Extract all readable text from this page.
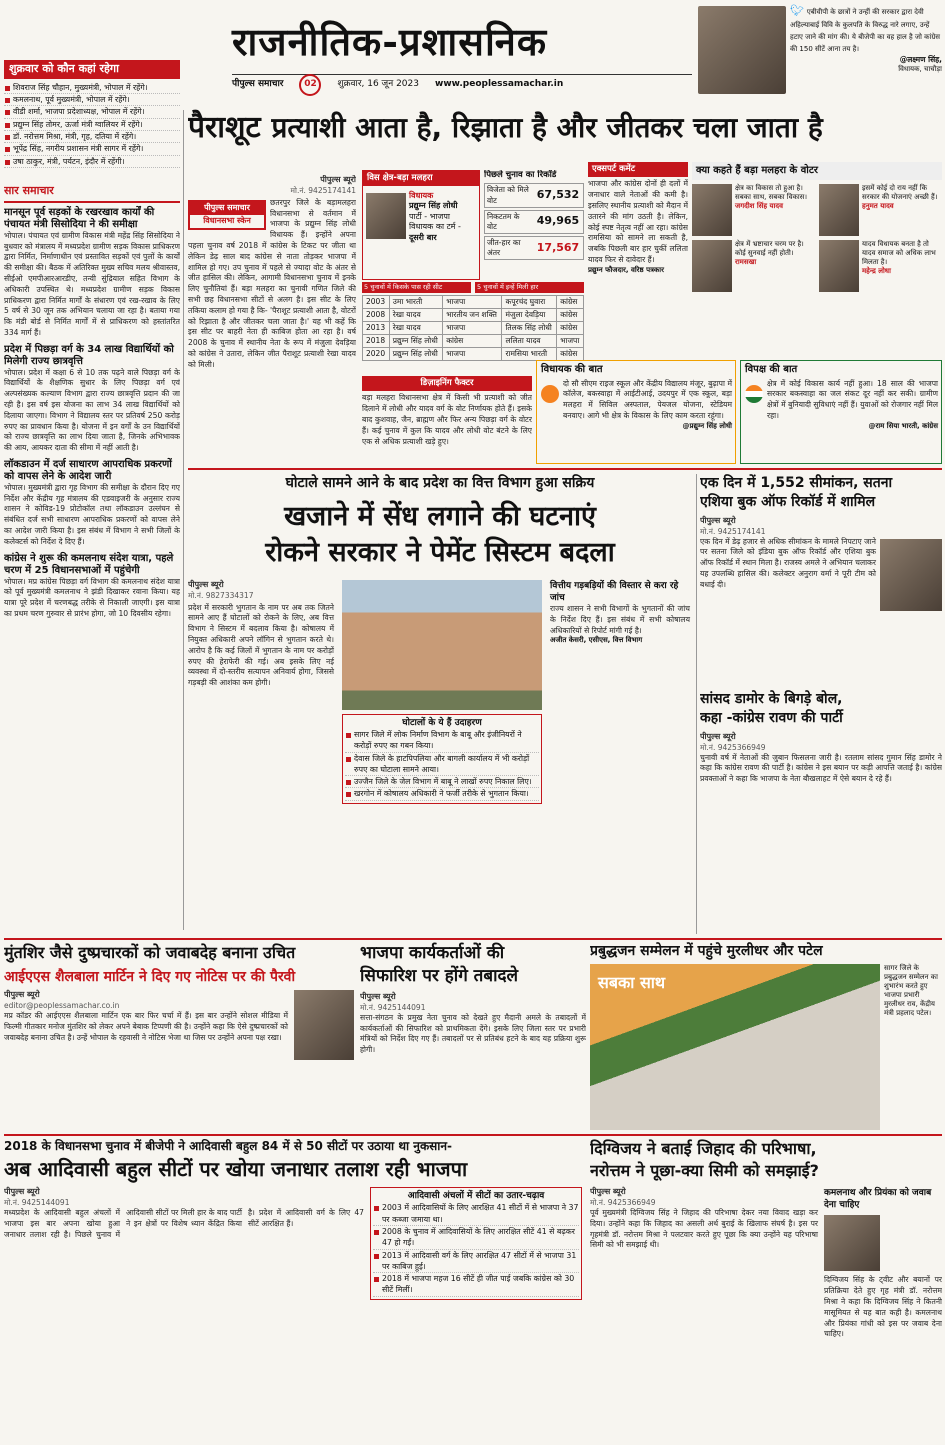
राजनीतिक-प्रशासनिक
पीपुल्स समाचार	02	शुक्रवार, 16 जून 2023 www.peoplessamachar.in
🐦︎ एबीवीपी के छात्रों ने उन्हीं की सरकार द्वारा देवी अहिल्याबाई विवि के कुलपति के विरुद्ध नारे लगाए, उन्हें हटाए जाने की मांग की। ये बीजेपी का वह हाल है जो कांग्रेस की 150 सीटें आना तय है।
@लक्ष्मण सिंह,
विधायक, चाचौड़ा
शुक्रवार को कौन कहां रहेगा
शिवराज सिंह चौहान, मुख्यमंत्री, भोपाल में रहेंगे।
कमलनाथ, पूर्व मुख्यमंत्री, भोपाल में रहेंगे।
वीडी शर्मा, भाजपा प्रदेशाध्यक्ष, भोपाल में रहेंगे।
प्रद्युम्न सिंह तोमर, ऊर्जा मंत्री ग्वालियर में रहेंगे।
डॉ. नरोत्तम मिश्रा, मंत्री, गृह, दतिया में रहेंगे।
भूपेंद्र सिंह, नगरीय प्रशासन मंत्री सागर में रहेंगे।
उषा ठाकुर, मंत्री, पर्यटन, इंदौर में रहेंगी।
सार समाचार
मानसून पूर्व सड़कों के रखरखाव कार्यों की पंचायत मंत्री सिसोदिया ने की समीक्षा
भोपाल। पंचायत एवं ग्रामीण विकास मंत्री महेंद्र सिंह सिसोदिया ने बुधवार को मंत्रालय में मध्यप्रदेश ग्रामीण सड़क विकास प्राधिकरण द्वारा निर्मित, निर्माणाधीन एवं प्रस्तावित सड़कों एवं पुलों के कार्यों की समीक्षा की। बैठक में अतिरिक्त मुख्य सचिव मलय श्रीवास्तव, सीईओ एमपीआरआरडीए, तन्वी सुंद्रियाल सहित विभाग के अधिकारी उपस्थित थे। मध्यप्रदेश ग्रामीण सड़क विकास प्राधिकरण द्वारा निर्मित मार्गों के संधारण एवं रख-रखाव के लिए 5 वर्ष से 30 जून तक अभियान चलाया जा रहा है। बताया गया कि मंडी बोर्ड से निर्मित मार्गों में से प्राधिकरण को हस्तांतरित 334 मार्ग हैं।
प्रदेश में पिछड़ा वर्ग के 34 लाख विद्यार्थियों को मिलेगी राज्य छात्रवृत्ति
भोपाल। प्रदेश में कक्षा 6 से 10 तक पढ़ने वाले पिछड़ा वर्ग के विद्यार्थियों के शैक्षणिक सुधार के लिए पिछड़ा वर्ग एवं अल्पसंख्यक कल्याण विभाग द्वारा राज्य छात्रवृत्ति प्रदान की जा रही है। इस वर्ष इस योजना का लाभ 34 लाख विद्यार्थियों को दिलाया जाएगा। विभाग ने विद्यालय स्तर पर प्रतिवर्ष 250 करोड़ रुपए का प्रावधान किया है। योजना में इन वर्गों के उन विद्यार्थियों को राज्य छात्रवृत्ति का लाभ दिया जाता है, जिनके अभिभावक की आय, आयकर दाता की सीमा में नहीं आती है।
लॉकडाउन में दर्ज साधारण आपराधिक प्रकरणों को वापस लेने के आदेश जारी
भोपाल। मुख्यमंत्री द्वारा गृह विभाग की समीक्षा के दौरान दिए गए निर्देश और केंद्रीय गृह मंत्रालय की एडवाइजरी के अनुसार राज्य शासन ने कोविड-19 प्रोटोकॉल तथा लॉकडाउन उल्लंघन से संबंधित दर्ज सभी साधारण आपराधिक प्रकरणों को वापस लेने का आदेश जारी किया है। इस संबंध में विभाग ने सभी जिलों के कलेक्टर्स को निर्देश दे दिए हैं।
कांग्रेस ने शुरू की कमलनाथ संदेश यात्रा, पहले चरण में 25 विधानसभाओं में पहुंचेगी
भोपाल। मप्र कांग्रेस पिछड़ा वर्ग विभाग की कमलनाथ संदेश यात्रा को पूर्व मुख्यमंत्री कमलनाथ ने झंडी दिखाकर रवाना किया। यह यात्रा पूरे प्रदेश में चरणबद्ध तरीके से निकाली जाएगी। इस यात्रा का प्रथम चरण गुरुवार से प्रारंभ होगा, जो 10 दिवसीय रहेगा।
पैराशूट प्रत्याशी आता है, रिझाता है और जीतकर चला जाता है
पीपुल्स ब्यूरो
मो.नं. 9425174141
पीपुल्स समाचार
विधानसभा स्केन
छतरपुर जिले के बड़ामलहरा विधानसभा से वर्तमान में भाजपा के प्रद्युम्न सिंह लोधी विधायक हैं। इन्होंने अपना पहला चुनाव वर्ष 2018 में कांग्रेस के टिकट पर जीता था लेकिन डेढ़ साल बाद कांग्रेस से नाता तोड़कर भाजपा में शामिल हो गए। उप चुनाव में पहले से ज्यादा वोट के अंतर से जीत हासिल की। लेकिन, आगामी विधानसभा चुनाव में इनके लिए चुनौतियां हैं। बड़ा मलहरा का चुनावी गणित जिले की सभी छह विधानसभा सीटों से अलग है। इस सीट के लिए तकिया कलाम हो गया है कि- 'पैराशूट प्रत्याशी आता है, वोटरों को रिझाता है और जीतकर चला जाता है।' यह भी कहें कि इस सीट पर बाहरी नेता ही काबिज होता आ रहा है। वर्ष 2008 के चुनाव में स्थानीय नेता के रूप में मंजुला देवड़िया को कांग्रेस ने उतारा, लेकिन जीत पैराशूट प्रत्याशी रेखा यादव को मिली।
विस क्षेत्र-बड़ा मलहरा
विधायक
प्रद्युम्न सिंह लोधी
पार्टी - भाजपा
विधायक का टर्म -
दूसरी बार
पिछले चुनाव का रिकॉर्ड
विजेता को मिले वोट	67,532
निकटतम के वोट	49,965
जीत-हार का अंतर	17,567
5 चुनावों में किसके पास रही सीट	5 चुनावों में इन्हें मिली हार
2003	उमा भारती	भाजपा	कपूरचंद घुवारा	कांग्रेस
2008	रेखा यादव	भारतीय जन शक्ति	मंजुला देवड़िया	कांग्रेस
2013	रेखा यादव	भाजपा	तिलक सिंह लोधी	कांग्रेस
2018	प्रद्युम्न सिंह लोधी	कांग्रेस	ललिता यादव	भाजपा
2020	प्रद्युम्न सिंह लोधी	भाजपा	रामसिया भारती	कांग्रेस
एक्सपर्ट कमेंट
भाजपा और कांग्रेस दोनों ही दलों में जनाधार वाले नेताओं की कमी है। इसलिए स्थानीय प्रत्याशी को मैदान में उतारने की मांग उठती है। लेकिन, कोई स्पष्ट नेतृत्व नहीं आ रहा। कांग्रेस रामसिया को सामने ला सकती है, जबकि पिछली बार हार चुकीं ललिता यादव फिर से दावेदार हैं।
प्रद्युम्न फौजदार, वरिष्ठ पत्रकार
डिज़ाइनिंग फैक्टर
बड़ा मलहरा विधानसभा क्षेत्र में किसी भी प्रत्याशी को जीत दिलाने में लोधी और यादव वर्ग के वोट निर्णायक होते हैं। इसके बाद कुशवाह, जैन, ब्राह्मण और फिर अन्य पिछड़ा वर्ग के वोटर हैं। कई चुनाव में कुल कि यादव और लोधी वोट बंटने के लिए एक से अधिक प्रत्याशी खड़े हुए।
क्या कहते हैं बड़ा मलहरा के वोटर
क्षेत्र का विकास तो हुआ है। सबका साथ, सबका विकास।
जगदीश सिंह यादव
इसमें कोई दो राय नहीं कि सरकार की योजनाएं अच्छी हैं।
हनुमत यादव
क्षेत्र में भ्रष्टाचार चरम पर है। कोई सुनवाई नहीं होती।
रामसखा
यादव विधायक बनता है तो यादव समाज को अधिक लाभ मिलता है।
महेन्द्र लोधा
विधायक की बात
दो सौ सीएम राइज स्कूल और केंद्रीय विद्यालय मंजूर, बुढ़ापा में कॉलेज, बकस्वाहा में आईटीआई, उदयपुर में एक स्कूल, बड़ा मलहरा में सिविल अस्पताल, पेयजल योजना, स्टेडियम बनवाए। आगे भी क्षेत्र के विकास के लिए काम करता रहूंगा।
@प्रद्युम्न सिंह लोधी
विपक्ष की बात
क्षेत्र में कोई विकास कार्य नहीं हुआ। 18 साल की भाजपा सरकार बकस्वाहा का जल संकट दूर नहीं कर सकी। ग्रामीण क्षेत्रों में बुनियादी सुविधाएं नहीं हैं। युवाओं को रोजगार नहीं मिल रहा।
@राम सिया भारती, कांग्रेस
घोटाले सामने आने के बाद प्रदेश का वित्त विभाग हुआ सक्रिय
खजाने में सेंध लगाने की घटनाएं
रोकने सरकार ने पेमेंट सिस्टम बदला
पीपुल्स ब्यूरो
मो.नं. 9827334317
प्रदेश में सरकारी भुगतान के नाम पर अब तक जितने सामने आए हैं घोटालों को रोकने के लिए, अब वित्त विभाग ने सिस्टम में बदलाव किया है। कोषालय में नियुक्त अधिकारी अपने लॉगिन से भुगतान करते थे। आरोप है कि कई जिलों में भुगतान के नाम पर करोड़ों रुपए की हेराफेरी की गई। अब इसके लिए नई व्यवस्था में दो-स्तरीय सत्यापन अनिवार्य होगा, जिससे गड़बड़ी की आशंका कम होगी।
घोटालों के ये हैं उदाहरण
सागर जिले में लोक निर्माण विभाग के बाबू और इंजीनियरों ने करोड़ों रुपए का गबन किया।
देवास जिले के हाटपिपलिया और बागली कार्यालय में भी करोड़ों रुपए का घोटाला सामने आया।
उज्जैन जिले के जेल विभाग में बाबू ने लाखों रुपए निकाल लिए।
खरगोन में कोषालय अधिकारी ने फर्जी तरीके से भुगतान किया।
वित्तीय गड़बड़ियों की विस्तार से करा रहे जांच
राज्य शासन ने सभी विभागों के भुगतानों की जांच के निर्देश दिए हैं। इस संबंध में सभी कोषालय अधिकारियों से रिपोर्ट मांगी गई है।
अजीत केसरी, एसीएस, वित्त विभाग
एक दिन में 1,552 सीमांकन, सतना
एशिया बुक ऑफ रिकॉर्ड में शामिल
पीपुल्स ब्यूरो
मो.नं. 9425174141
एक दिन में डेढ़ हजार से अधिक सीमांकन के मामले निपटाए जाने पर सतना जिले को इंडिया बुक ऑफ रिकॉर्ड और एशिया बुक ऑफ रिकॉर्ड में स्थान मिला है। राजस्व अमले ने अभियान चलाकर यह उपलब्धि हासिल की। कलेक्टर अनुराग वर्मा ने पूरी टीम को बधाई दी।
सांसद डामोर के बिगड़े बोल,
कहा -कांग्रेस रावण की पार्टी
पीपुल्स ब्यूरो
मो.नं. 9425366949
चुनावी वर्ष में नेताओं की जुबान फिसलना जारी है। रतलाम सांसद गुमान सिंह डामोर ने कहा कि कांग्रेस रावण की पार्टी है। कांग्रेस ने इस बयान पर कड़ी आपत्ति जताई है। कांग्रेस प्रवक्ताओं ने कहा कि भाजपा के नेता बौखलाहट में ऐसे बयान दे रहे हैं।
मुंतशिर जैसे दुष्प्रचारकों को जवाबदेह बनाना उचित
आईएएस शैलबाला मार्टिन ने दिए गए नोटिस पर की पैरवी
पीपुल्स ब्यूरो
editor@peoplessamachar.co.in
मप्र कॉडर की आईएएस शैलबाला मार्टिन एक बार फिर चर्चा में हैं। इस बार उन्होंने सोशल मीडिया में फिल्मी गीतकार मनोज मुंतशिर को लेकर अपने बेबाक टिप्पणी की है। उन्होंने कहा कि ऐसे दुष्प्रचारकों को जवाबदेह बनाना उचित है। उन्हें भोपाल के रहवासी ने नोटिस भेजा था जिस पर उन्होंने अपना पक्ष रखा।
भाजपा कार्यकर्ताओं की
सिफारिश पर होंगे तबादले
पीपुल्स ब्यूरो
मो.नं. 9425144091
सत्ता-संगठन के प्रमुख नेता चुनाव को देखते हुए मैदानी अमले के तबादलों में कार्यकर्ताओं की सिफारिश को प्राथमिकता देंगे। इसके लिए जिला स्तर पर प्रभारी मंत्रियों को निर्देश दिए गए हैं। तबादलों पर से प्रतिबंध हटने के बाद यह प्रक्रिया शुरू होगी।
प्रबुद्धजन सम्मेलन में पहुंचे मुरलीधर और पटेल
सबका साथ
सागर जिले के प्रबुद्धजन सम्मेलन का शुभारंभ करते हुए भाजपा प्रभारी मुरलीधर राव, केंद्रीय मंत्री प्रहलाद पटेल।
2018 के विधानसभा चुनाव में बीजेपी ने आदिवासी बहुल 84 में से 50 सीटों पर उठाया था नुकसान-
अब आदिवासी बहुल सीटों पर खोया जनाधार तलाश रही भाजपा
पीपुल्स ब्यूरो
मो.नं. 9425144091
मध्यप्रदेश के आदिवासी बहुल अंचलों में भाजपा इस बार अपना खोया हुआ जनाधार तलाश रही है। पिछले चुनाव में आदिवासी सीटों पर मिली हार के बाद पार्टी ने इन क्षेत्रों पर विशेष ध्यान केंद्रित किया है। प्रदेश में आदिवासी वर्ग के लिए 47 सीटें आरक्षित हैं।
आदिवासी अंचलों में सीटों का उतार-चढ़ाव
2003 में आदिवासियों के लिए आरक्षित 41 सीटों में से भाजपा ने 37 पर कब्जा जमाया था।
2008 के चुनाव में आदिवासियों के लिए आरक्षित सीटें 41 से बढ़कर 47 हो गईं।
2013 में आदिवासी वर्ग के लिए आरक्षित 47 सीटों में से भाजपा 31 पर काबिज हुई।
2018 में भाजपा महज 16 सीटें ही जीत पाई जबकि कांग्रेस को 30 सीटें मिलीं।
दिग्विजय ने बताई जिहाद की परिभाषा,
नरोत्तम ने पूछा-क्या सिमी को समझाई?
पीपुल्स ब्यूरो
मो.नं. 9425366949
पूर्व मुख्यमंत्री दिग्विजय सिंह ने जिहाद की परिभाषा देकर नया विवाद खड़ा कर दिया। उन्होंने कहा कि जिहाद का असली अर्थ बुराई के खिलाफ संघर्ष है। इस पर गृहमंत्री डॉ. नरोत्तम मिश्रा ने पलटवार करते हुए पूछा कि क्या उन्होंने यह परिभाषा सिमी को भी समझाई थी।
कमलनाथ और प्रियंका को जवाब देना चाहिए
दिग्विजय सिंह के ट्वीट और बयानों पर प्रतिक्रिया देते हुए गृह मंत्री डॉ. नरोत्तम मिश्रा ने कहा कि दिग्विजय सिंह ने कितनी मासूमियत से यह बात कही है। कमलनाथ और प्रियंका गांधी को इस पर जवाब देना चाहिए।
